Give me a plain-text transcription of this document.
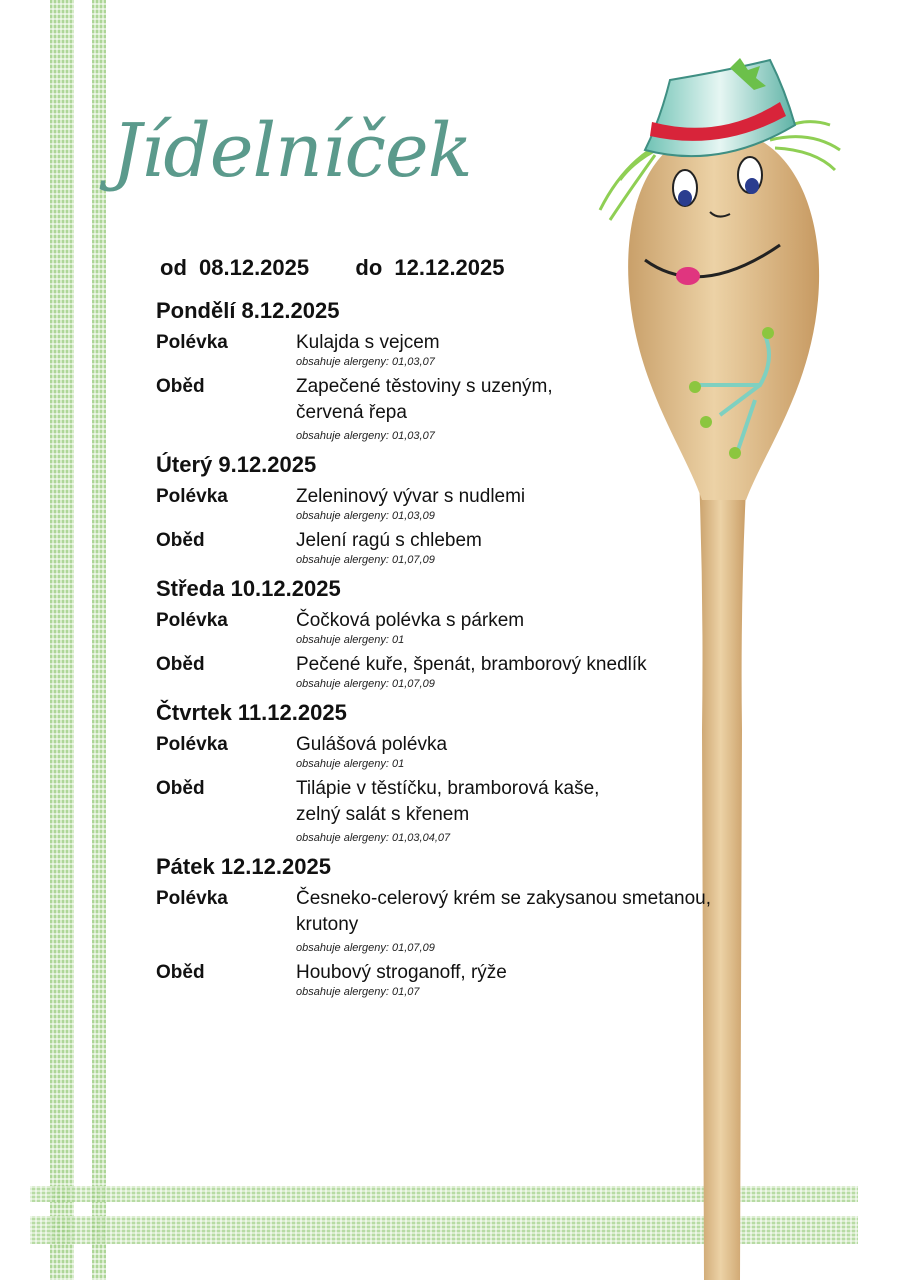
Jídelníček
od 08.12.2025 do 12.12.2025
Pondělí 8.12.2025
Polévka	Kulajda s vejcem
obsahuje alergeny: 01,03,07
Oběd	Zapečené těstoviny s uzeným,
červená řepa
obsahuje alergeny: 01,03,07
Úterý 9.12.2025
Polévka	Zeleninový vývar s nudlemi
obsahuje alergeny: 01,03,09
Oběd	Jelení ragú s chlebem
obsahuje alergeny: 01,07,09
Středa 10.12.2025
Polévka	Čočková polévka s párkem
obsahuje alergeny: 01
Oběd	Pečené kuře, špenát, bramborový knedlík
obsahuje alergeny: 01,07,09
Čtvrtek 11.12.2025
Polévka	Gulášová polévka
obsahuje alergeny: 01
Oběd	Tilápie v těstíčku, bramborová kaše,
zelný salát s křenem
obsahuje alergeny: 01,03,04,07
Pátek 12.12.2025
Polévka	Česneko-celerový krém se zakysanou smetanou,
krutony
obsahuje alergeny: 01,07,09
Oběd	Houbový stroganoff, rýže
obsahuje alergeny: 01,07
